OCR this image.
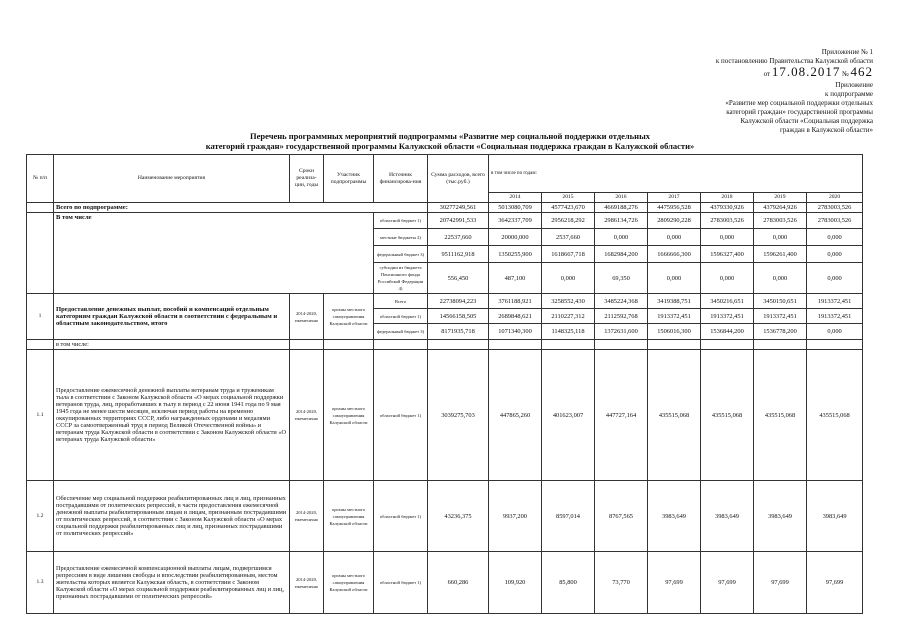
Приложение № 1
к постановлению Правительства Калужской области
от 17.08.2017 № 462
Приложение
к подпрограмме
«Развитие мер социальной поддержки отдельных
категорий граждан» государственной программы
Калужской области «Социальная поддержка
граждан в Калужской области»
Перечень программных мероприятий подпрограммы «Развитие мер социальной поддержки отдельных
категорий граждан» государственной программы Калужской области «Социальная поддержка граждан в Калужской области»
№ п/п	Наименование мероприятия	Сроки реализа-ции, годы	Участник подпрограммы	Источник финансирова-ния	Сумма расходов, всего (тыс.руб.)	в том числе по годам:						
						2014	2015	2016	2017	2018	2019	2020
	Всего по подпрограмме:				30277249,561	5013080,709	4577423,670	4669188,276	4475956,528	4379330,926	4379264,926	2783003,526
	В том числе			областной бюджет 1)	20742991,533	3642337,709	2956218,292	2986134,726	2809290,228	2783003,526	2783003,526	2783003,526
				местные бюджеты 2)	22537,660	20000,000	2537,660	0,000	0,000	0,000	0,000	0,000
				федеральный бюджет 3)	9511162,918	1350255,900	1618667,718	1682984,200	1666666,300	1596327,400	1596261,400	0,000
				субсидии из бюджета Пенсионного фонда Российской Федерации 4)	556,450	487,100	0,000	69,350	0,000	0,000	0,000	0,000
1	Предоставление денежных выплат, пособий и компенсаций отдельным категориям граждан Калужской области в соответствии с федеральным и областным законодательством, итого	2014-2020, ежемесячно	органы местного самоуправления Калужской области	Всего	22738094,223	3761188,921	3258552,430	3485224,368	3419388,751	3450216,651	3450150,651	1913372,451
				областной бюджет 1)	14566158,505	2689848,621	2110227,312	2112592,768	1913372,451	1913372,451	1913372,451	1913372,451
				федеральный бюджет 3)	8171935,718	1071340,300	1148325,118	1372631,600	1506016,300	1536844,200	1536778,200	0,000
	в том числе:											
1.1	Предоставление ежемесячной денежной выплаты ветеранам труда и труженикам тыла в соответствии с Законом Калужской области «О мерах социальной поддержки ветеранов труда, лиц, проработавших в тылу в период с 22 июня 1941 года по 9 мая 1945 года не менее шести месяцев, исключая период работы на временно оккупированных территориях СССР, либо награжденных орденами и медалями СССР за самоотверженный труд в период Великой Отечественной войны» и ветеранам труда Калужской области в соответствии с Законом Калужской области «О ветеранах труда Калужской области»	2014-2020, ежемесячно	органы местного самоуправления Калужской области	областной бюджет 1)	3039275,703	447865,260	401623,007	447727,164	435515,068	435515,068	435515,068	435515,068
1.2	Обеспечение мер социальной поддержки реабилитированных лиц и лиц, признанных пострадавшими от политических репрессий, в части предоставления ежемесячной денежной выплаты реабилитированным лицам и лицам, признанным пострадавшими от политических репрессий, в соответствии с Законом Калужской области «О мерах социальной поддержки реабилитированных лиц и лиц, признанных пострадавшими от политических репрессий»	2014-2020, ежемесячно	органы местного самоуправления Калужской области	областной бюджет 1)	43236,375	9937,200	8597,014	8767,565	3983,649	3983,649	3983,649	3983,649
1.3	Предоставление ежемесячной компенсационной выплаты лицам, подвергшимся репрессиям в виде лишения свободы и впоследствии реабилитированным, местом жительства которых является Калужская область, в соответствии с Законом Калужской области «О мерах социальной поддержки реабилитированных лиц и лиц, признанных пострадавшими от политических репрессий»	2014-2020, ежемесячно	органы местного самоуправления Калужской области	областной бюджет 1)	660,286	109,920	85,800	73,770	97,699	97,699	97,699	97,699
